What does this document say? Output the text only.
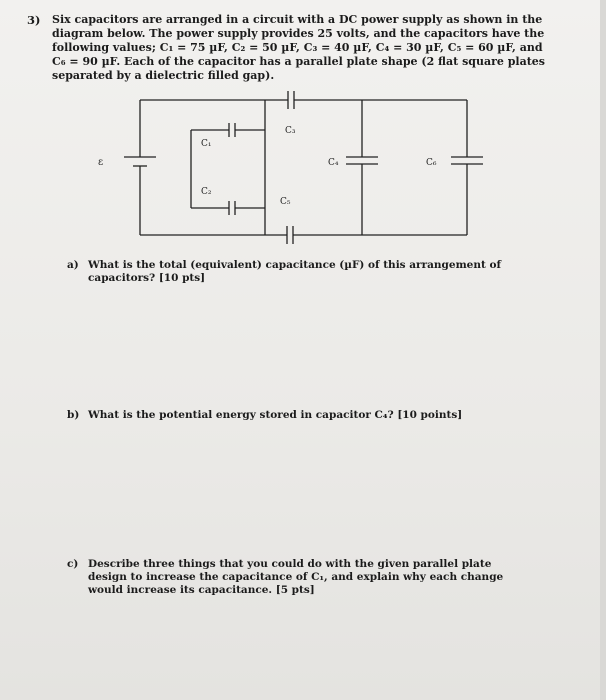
3) Six capacitors are arranged in a circuit with a DC power supply as shown in the diagram below. The power supply provides 25 volts, and the capacitors have the following values; C₁ = 75 µF, C₂ = 50 µF, C₃ = 40 µF, C₄ = 30 µF, C₅ = 60 µF, and C₆ = 90 µF. Each of the capacitor has a parallel plate shape (2 flat square plates separated by a dielectric filled gap).

ε
C₁
C₂
C₃
C₄
C₅
C₆
a) What is the total (equivalent) capacitance (µF) of this arrangement of capacitors? [10 pts]
b) What is the potential energy stored in capacitor C₄? [10 points]
c) Describe three things that you could do with the given parallel plate design to increase the capacitance of C₁, and explain why each change would increase its capacitance. [5 pts]
